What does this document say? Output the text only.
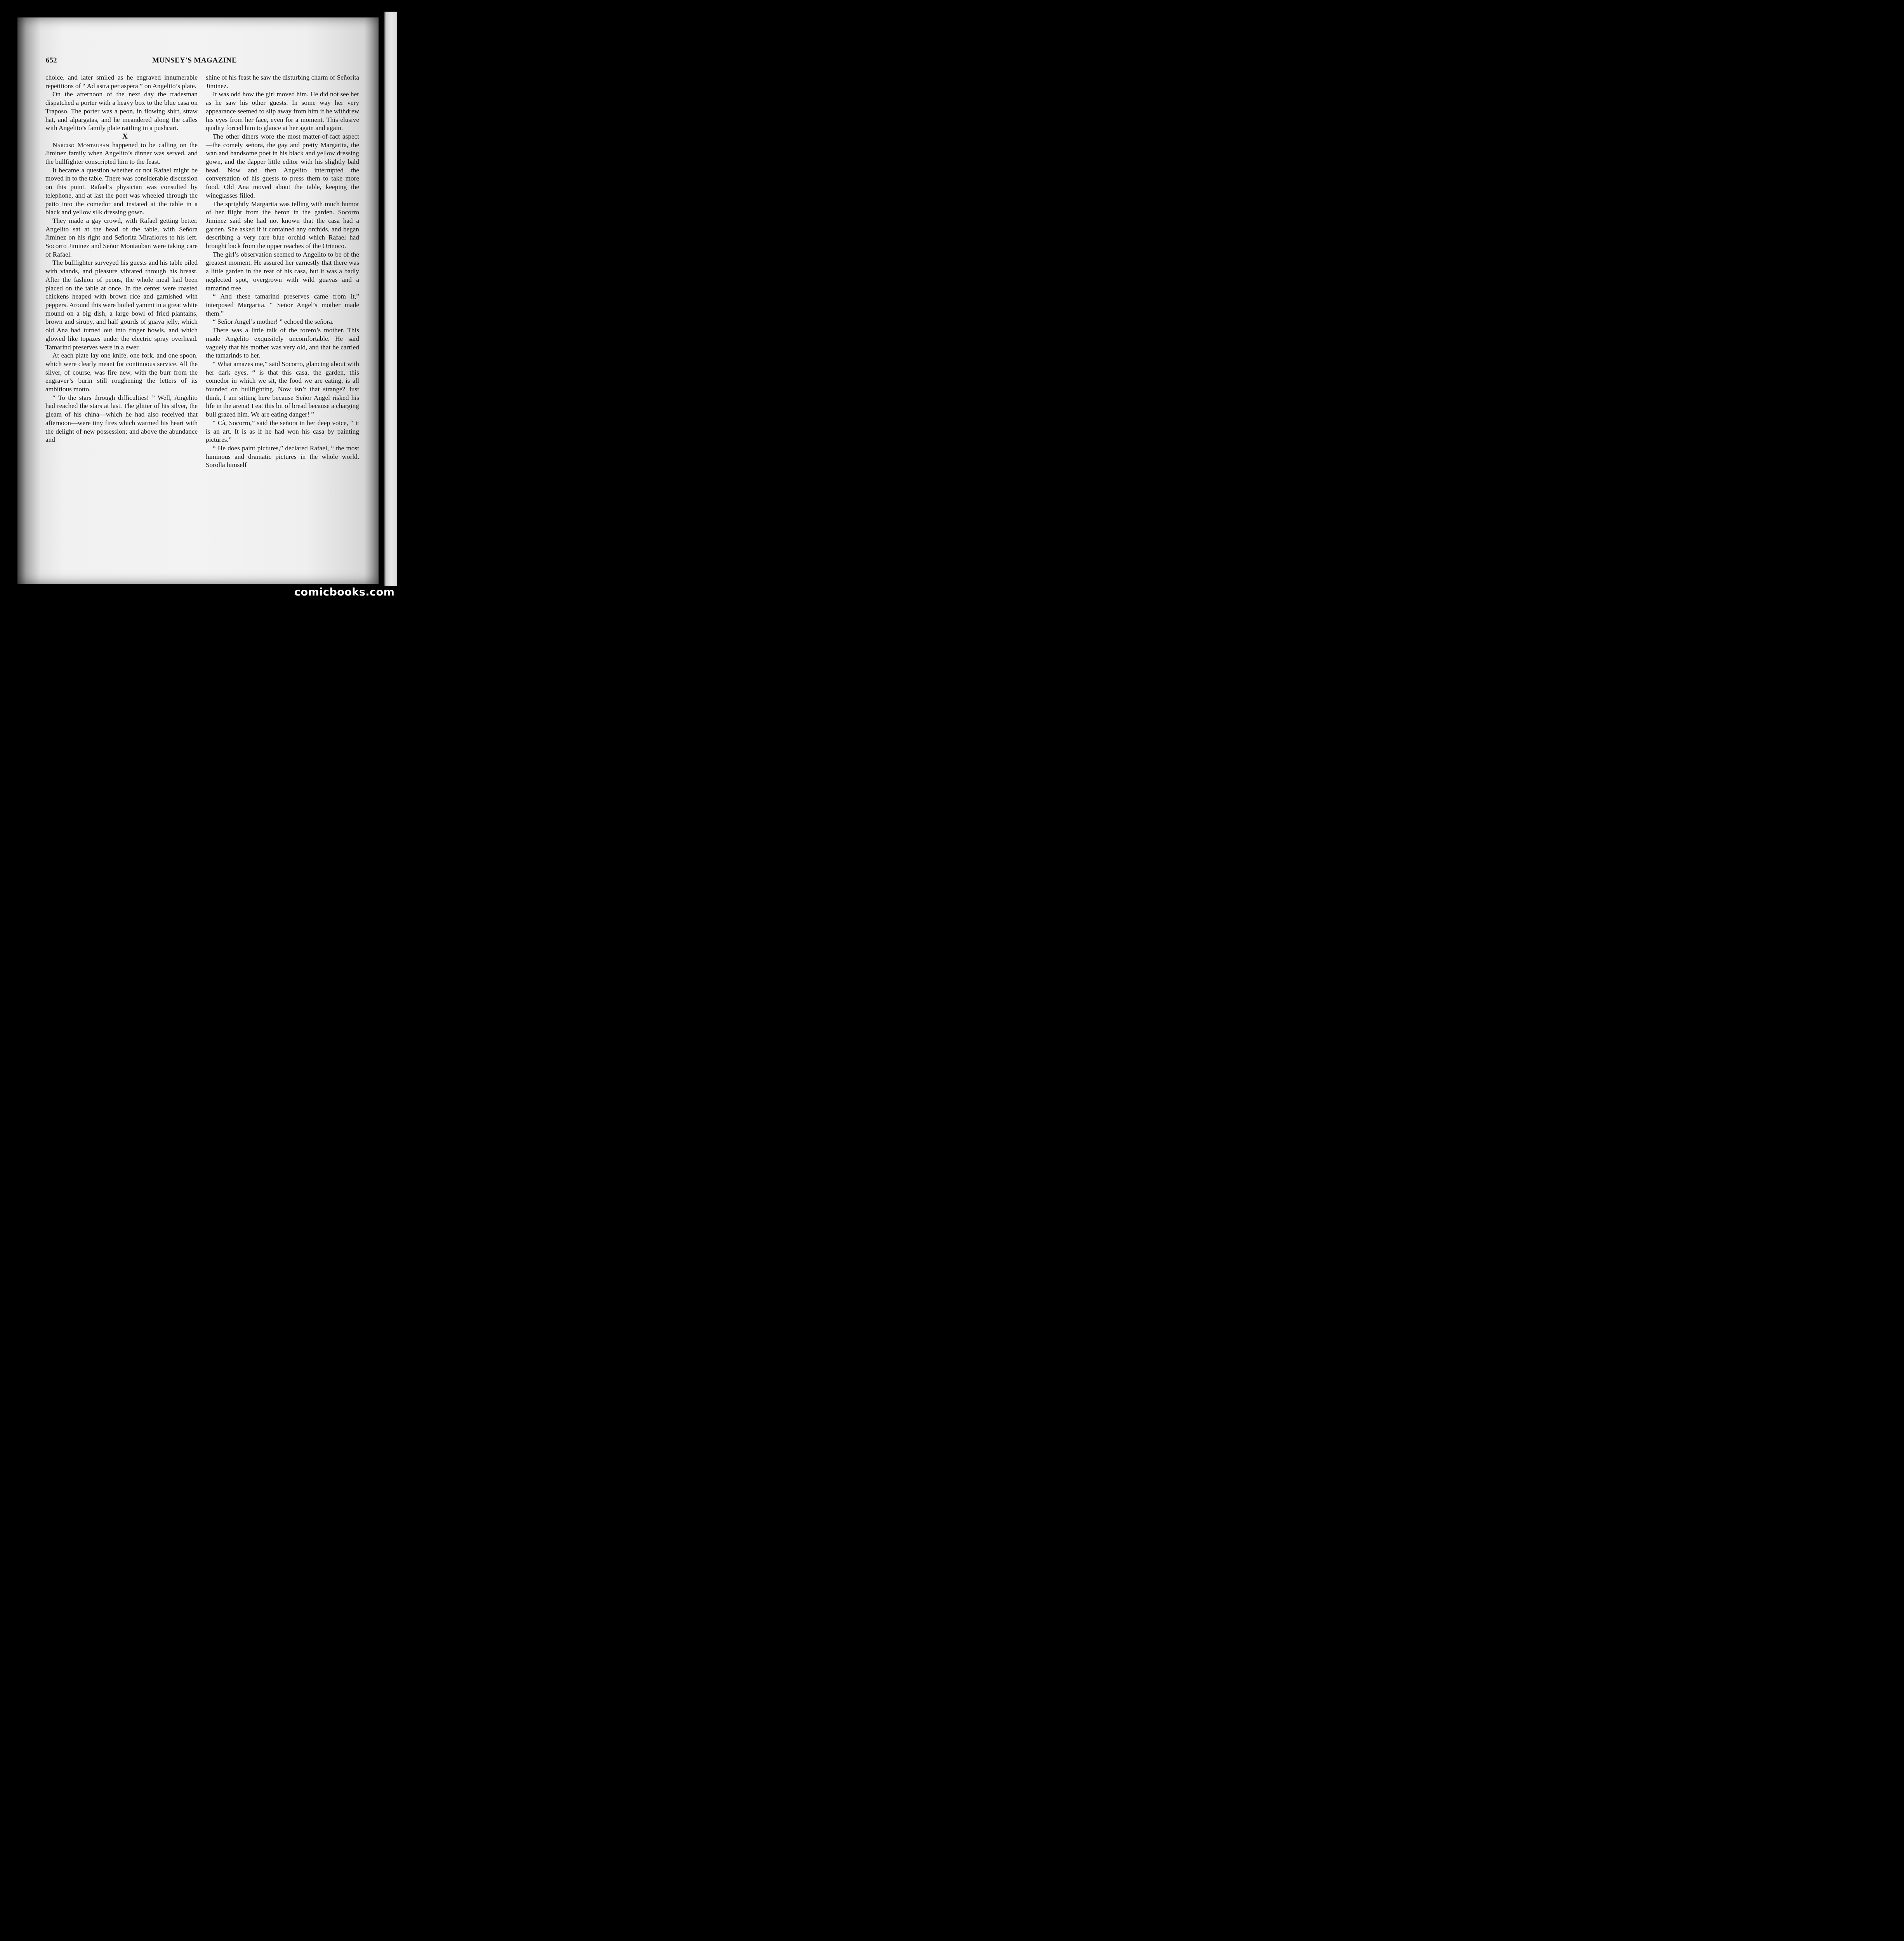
652	MUNSEY'S MAGAZINE

choice, and later smiled as he engraved innumerable repetitions of “ Ad astra per aspera ” on Angelito’s plate.

On the afternoon of the next day the tradesman dispatched a porter with a heavy box to the blue casa on Traposo. The porter was a peon, in flowing shirt, straw hat, and alpargatas, and he meandered along the calles with Angelito’s family plate rattling in a pushcart.

X

Narciso Montauban happened to be calling on the Jiminez family when Angelito’s dinner was served, and the bullfighter conscripted him to the feast.

It became a question whether or not Rafael might be moved in to the table. There was considerable discussion on this point. Rafael’s physician was consulted by telephone, and at last the poet was wheeled through the patio into the comedor and instated at the table in a black and yellow silk dressing gown.

They made a gay crowd, with Rafael getting better. Angelito sat at the head of the table, with Señora Jiminez on his right and Señorita Miraflores to his left. Socorro Jiminez and Señor Montauban were taking care of Rafael.

The bullfighter surveyed his guests and his table piled with viands, and pleasure vibrated through his breast. After the fashion of peons, the whole meal had been placed on the table at once. In the center were roasted chickens heaped with brown rice and garnished with peppers. Around this were boiled yammi in a great white mound on a big dish, a large bowl of fried plantains, brown and sirupy, and half gourds of guava jelly, which old Ana had turned out into finger bowls, and which glowed like topazes under the electric spray overhead. Tamarind preserves were in a ewer.

At each plate lay one knife, one fork, and one spoon, which were clearly meant for continuous service. All the silver, of course, was fire new, with the burr from the engraver’s burin still roughening the letters of its ambitious motto.

“ To the stars through difficulties! ” Well, Angelito had reached the stars at last. The glitter of his silver, the gleam of his china—which he had also received that afternoon—were tiny fires which warmed his heart with the delight of new possession; and above the abundance and

shine of his feast he saw the disturbing charm of Señorita Jiminez.

It was odd how the girl moved him. He did not see her as he saw his other guests. In some way her very appearance seemed to slip away from him if he withdrew his eyes from her face, even for a moment. This elusive quality forced him to glance at her again and again.

The other diners wore the most matter-of-fact aspect—the comely señora, the gay and pretty Margarita, the wan and handsome poet in his black and yellow dressing gown, and the dapper little editor with his slightly bald head. Now and then Angelito interrupted the conversation of his guests to press them to take more food. Old Ana moved about the table, keeping the wineglasses filled.

The sprightly Margarita was telling with much humor of her flight from the heron in the garden. Socorro Jiminez said she had not known that the casa had a garden. She asked if it contained any orchids, and began describing a very rare blue orchid which Rafael had brought back from the upper reaches of the Orinoco.

The girl’s observation seemed to Angelito to be of the greatest moment. He assured her earnestly that there was a little garden in the rear of his casa, but it was a badly neglected spot, overgrown with wild guavas and a tamarind tree.

“ And these tamarind preserves came from it,” interposed Margarita. “ Señor Angel’s mother made them.”

“ Señor Angel’s mother! ” echoed the señora.

There was a little talk of the torero’s mother. This made Angelito exquisitely uncomfortable. He said vaguely that his mother was very old, and that he carried the tamarinds to her.

“ What amazes me,” said Socorro, glancing about with her dark eyes, “ is that this casa, the garden, this comedor in which we sit, the food we are eating, is all founded on bullfighting. Now isn’t that strange? Just think, I am sitting here because Señor Angel risked his life in the arena! I eat this bit of bread because a charging bull grazed him. We are eating danger! ”

“ Cà, Socorro,” said the señora in her deep voice, “ it is an art. It is as if he had won his casa by painting pictures.”

“ He does paint pictures,” declared Rafael, “ the most luminous and dramatic pictures in the whole world. Sorolla himself

comicbooks.com
